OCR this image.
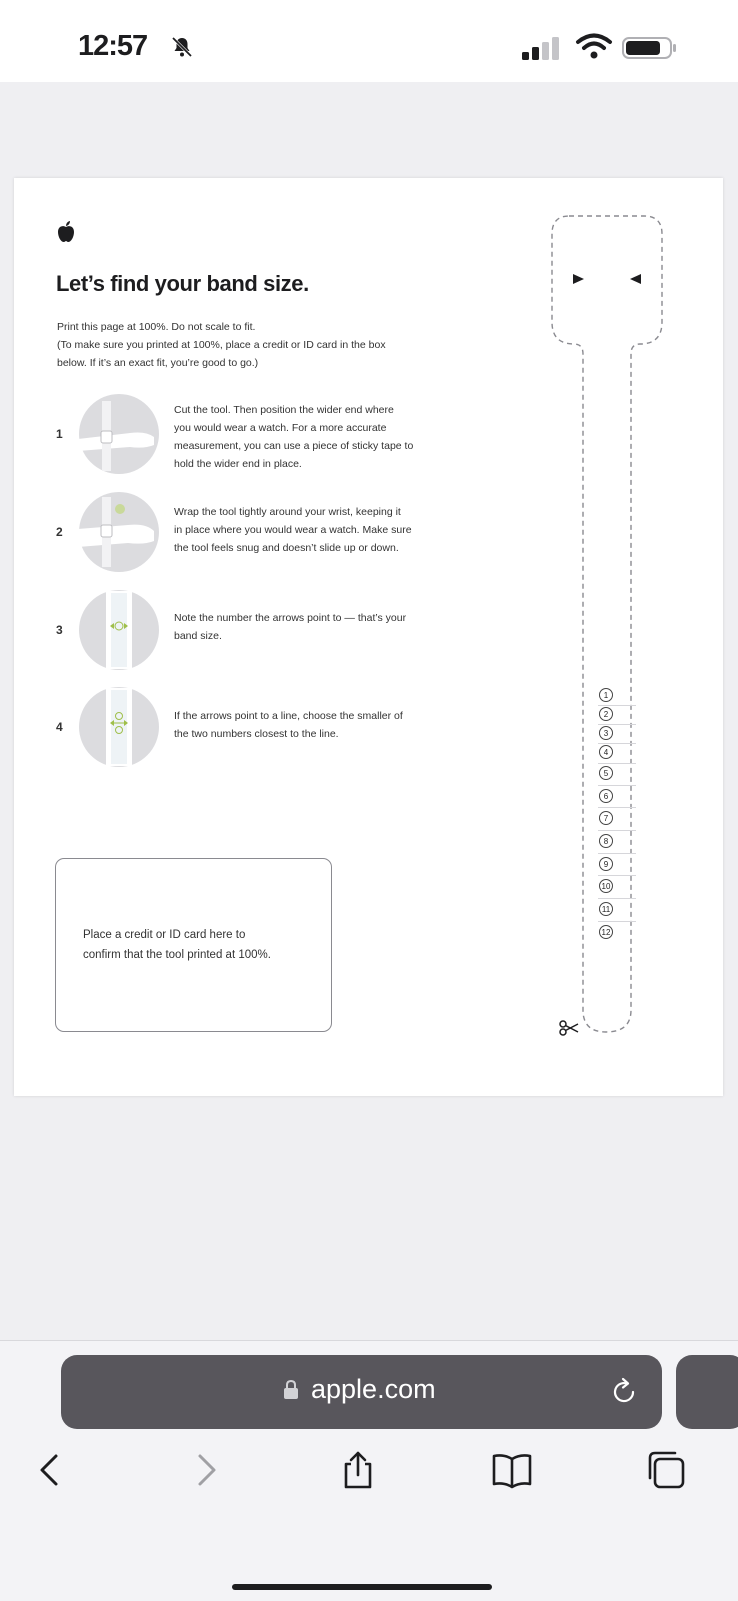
12:57
Let’s find your band size.
Print this page at 100%. Do not scale to fit.
(To make sure you printed at 100%, place a credit or ID card in the box
below. If it’s an exact fit, you’re good to go.)
1
Cut the tool. Then position the wider end where
you would wear a watch. For a more accurate
measurement, you can use a piece of sticky tape to
hold the wider end in place.
2
Wrap the tool tightly around your wrist, keeping it
in place where you would wear a watch. Make sure
the tool feels snug and doesn’t slide up or down.
3
Note the number the arrows point to — that’s your
band size.
4
If the arrows point to a line, choose the smaller of
the two numbers closest to the line.
Place a credit or ID card here to
confirm that the tool printed at 100%.
1
2
3
4
5
6
7
8
9
10
11
12
apple.com
